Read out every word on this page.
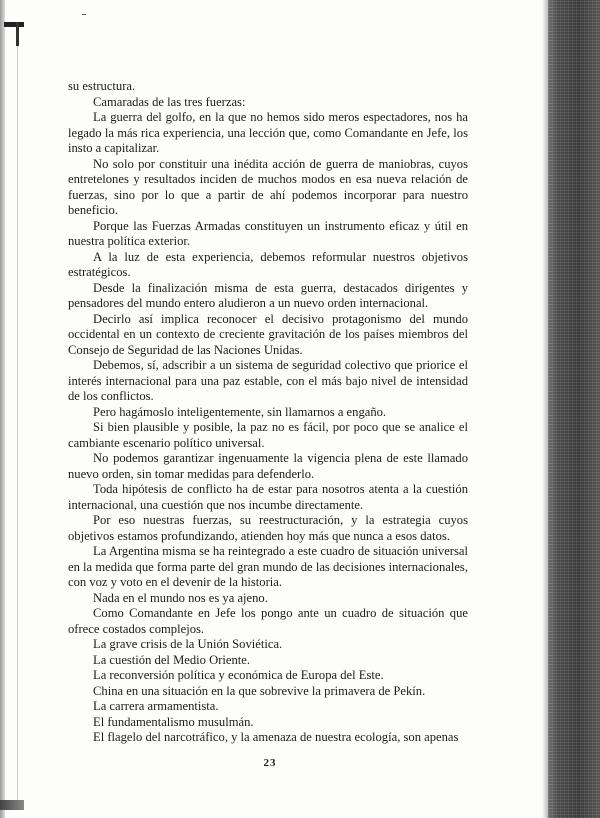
su estructura.

Camaradas de las tres fuerzas:

La guerra del golfo, en la que no hemos sido meros espectadores, nos ha legado la más rica experiencia, una lección que, como Comandante en Jefe, los insto a capitalizar.

No solo por constituir una inédita acción de guerra de maniobras, cuyos entretelones y resultados inciden de muchos modos en esa nueva relación de fuerzas, sino por lo que a partir de ahí podemos incorporar para nuestro beneficio.

Porque las Fuerzas Armadas constituyen un instrumento eficaz y útil en nuestra política exterior.

A la luz de esta experiencia, debemos reformular nuestros objetivos estratégicos.

Desde la finalización misma de esta guerra, destacados dirigentes y pensadores del mundo entero aludieron a un nuevo orden internacional.

Decirlo así implica reconocer el decisivo protagonismo del mundo occidental en un contexto de creciente gravitación de los países miembros del Consejo de Seguridad de las Naciones Unidas.

Debemos, sí, adscribir a un sistema de seguridad colectivo que priorice el interés internacional para una paz estable, con el más bajo nivel de intensidad de los conflictos.

Pero hagámoslo inteligentemente, sin llamarnos a engaño.

Si bien plausible y posible, la paz no es fácil, por poco que se analice el cambiante escenario político universal.

No podemos garantizar ingenuamente la vigencia plena de este llamado nuevo orden, sin tomar medidas para defenderlo.

Toda hipótesis de conflicto ha de estar para nosotros atenta a la cuestión internacional, una cuestión que nos incumbe directamente.

Por eso nuestras fuerzas, su reestructuración, y la estrategia cuyos objetivos estamos profundizando, atienden hoy más que nunca a esos datos.

La Argentina misma se ha reintegrado a este cuadro de situación universal en la medida que forma parte del gran mundo de las decisiones internacionales, con voz y voto en el devenir de la historia.

Nada en el mundo nos es ya ajeno.

Como Comandante en Jefe los pongo ante un cuadro de situación que ofrece costados complejos.

La grave crisis de la Unión Soviética.

La cuestión del Medio Oriente.

La reconversión política y económica de Europa del Este.

China en una situación en la que sobrevive la primavera de Pekín.

La carrera armamentista.

El fundamentalismo musulmán.

El flagelo del narcotráfico, y la amenaza de nuestra ecología, son apenas

23
